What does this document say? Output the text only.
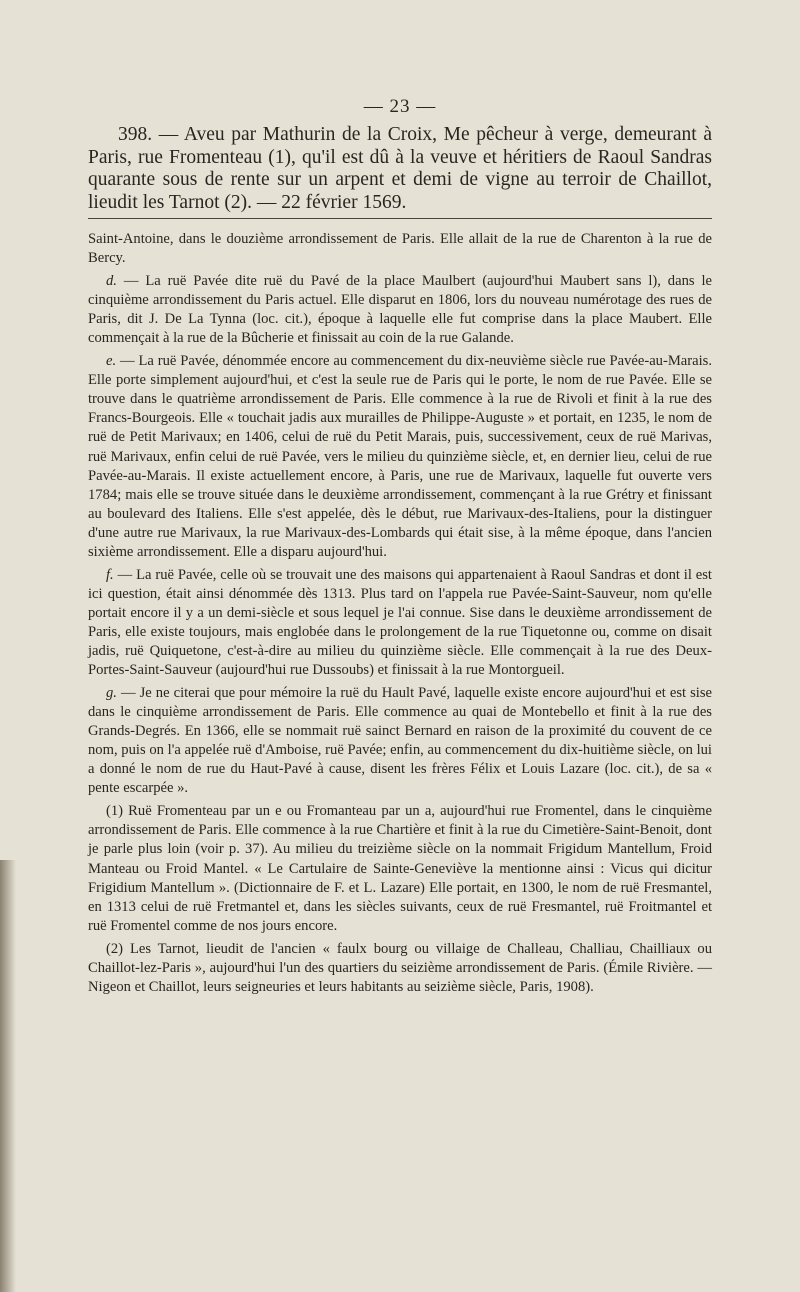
— 23 —

398. — Aveu par Mathurin de la Croix, Me pêcheur à verge, demeurant à Paris, rue Fromenteau (1), qu'il est dû à la veuve et héritiers de Raoul Sandras quarante sous de rente sur un arpent et demi de vigne au terroir de Chaillot, lieudit les Tarnot (2). — 22 février 1569.

Saint-Antoine, dans le douzième arrondissement de Paris. Elle allait de la rue de Charenton à la rue de Bercy.

d. — La ruë Pavée dite ruë du Pavé de la place Maulbert (aujourd'hui Maubert sans l), dans le cinquième arrondissement du Paris actuel. Elle disparut en 1806, lors du nouveau numérotage des rues de Paris, dit J. De La Tynna (loc. cit.), époque à laquelle elle fut comprise dans la place Maubert. Elle commençait à la rue de la Bûcherie et finissait au coin de la rue Galande.

e. — La ruë Pavée, dénommée encore au commencement du dix-neuvième siècle rue Pavée-au-Marais. Elle porte simplement aujourd'hui, et c'est la seule rue de Paris qui le porte, le nom de rue Pavée. Elle se trouve dans le quatrième arrondissement de Paris. Elle commence à la rue de Rivoli et finit à la rue des Francs-Bourgeois. Elle « touchait jadis aux murailles de Philippe-Auguste » et portait, en 1235, le nom de ruë de Petit Marivaux; en 1406, celui de ruë du Petit Marais, puis, successivement, ceux de ruë Marivas, ruë Marivaux, enfin celui de ruë Pavée, vers le milieu du quinzième siècle, et, en dernier lieu, celui de rue Pavée-au-Marais. Il existe actuellement encore, à Paris, une rue de Marivaux, laquelle fut ouverte vers 1784; mais elle se trouve située dans le deuxième arrondissement, commençant à la rue Grétry et finissant au boulevard des Italiens. Elle s'est appelée, dès le début, rue Marivaux-des-Italiens, pour la distinguer d'une autre rue Marivaux, la rue Marivaux-des-Lombards qui était sise, à la même époque, dans l'ancien sixième arrondissement. Elle a disparu aujourd'hui.

f. — La ruë Pavée, celle où se trouvait une des maisons qui appartenaient à Raoul Sandras et dont il est ici question, était ainsi dénommée dès 1313. Plus tard on l'appela rue Pavée-Saint-Sauveur, nom qu'elle portait encore il y a un demi-siècle et sous lequel je l'ai connue. Sise dans le deuxième arrondissement de Paris, elle existe toujours, mais englobée dans le prolongement de la rue Tiquetonne ou, comme on disait jadis, ruë Quiquetone, c'est-à-dire au milieu du quinzième siècle. Elle commençait à la rue des Deux-Portes-Saint-Sauveur (aujourd'hui rue Dussoubs) et finissait à la rue Montorgueil.

g. — Je ne citerai que pour mémoire la ruë du Hault Pavé, laquelle existe encore aujourd'hui et est sise dans le cinquième arrondissement de Paris. Elle commence au quai de Montebello et finit à la rue des Grands-Degrés. En 1366, elle se nommait ruë sainct Bernard en raison de la proximité du couvent de ce nom, puis on l'a appelée ruë d'Amboise, ruë Pavée; enfin, au commencement du dix-huitième siècle, on lui a donné le nom de rue du Haut-Pavé à cause, disent les frères Félix et Louis Lazare (loc. cit.), de sa « pente escarpée ».

(1) Ruë Fromenteau par un e ou Fromanteau par un a, aujourd'hui rue Fromentel, dans le cinquième arrondissement de Paris. Elle commence à la rue Chartière et finit à la rue du Cimetière-Saint-Benoit, dont je parle plus loin (voir p. 37). Au milieu du treizième siècle on la nommait Frigidum Mantellum, Froid Manteau ou Froid Mantel. « Le Cartulaire de Sainte-Geneviève la mentionne ainsi : Vicus qui dicitur Frigidium Mantellum ». (Dictionnaire de F. et L. Lazare) Elle portait, en 1300, le nom de ruë Fresmantel, en 1313 celui de ruë Fretmantel et, dans les siècles suivants, ceux de ruë Fresmantel, ruë Froitmantel et ruë Fromentel comme de nos jours encore.

(2) Les Tarnot, lieudit de l'ancien « faulx bourg ou villaige de Challeau, Challiau, Chailliaux ou Chaillot-lez-Paris », aujourd'hui l'un des quartiers du seizième arrondissement de Paris. (Émile Rivière. — Nigeon et Chaillot, leurs seigneuries et leurs habitants au seizième siècle, Paris, 1908).
